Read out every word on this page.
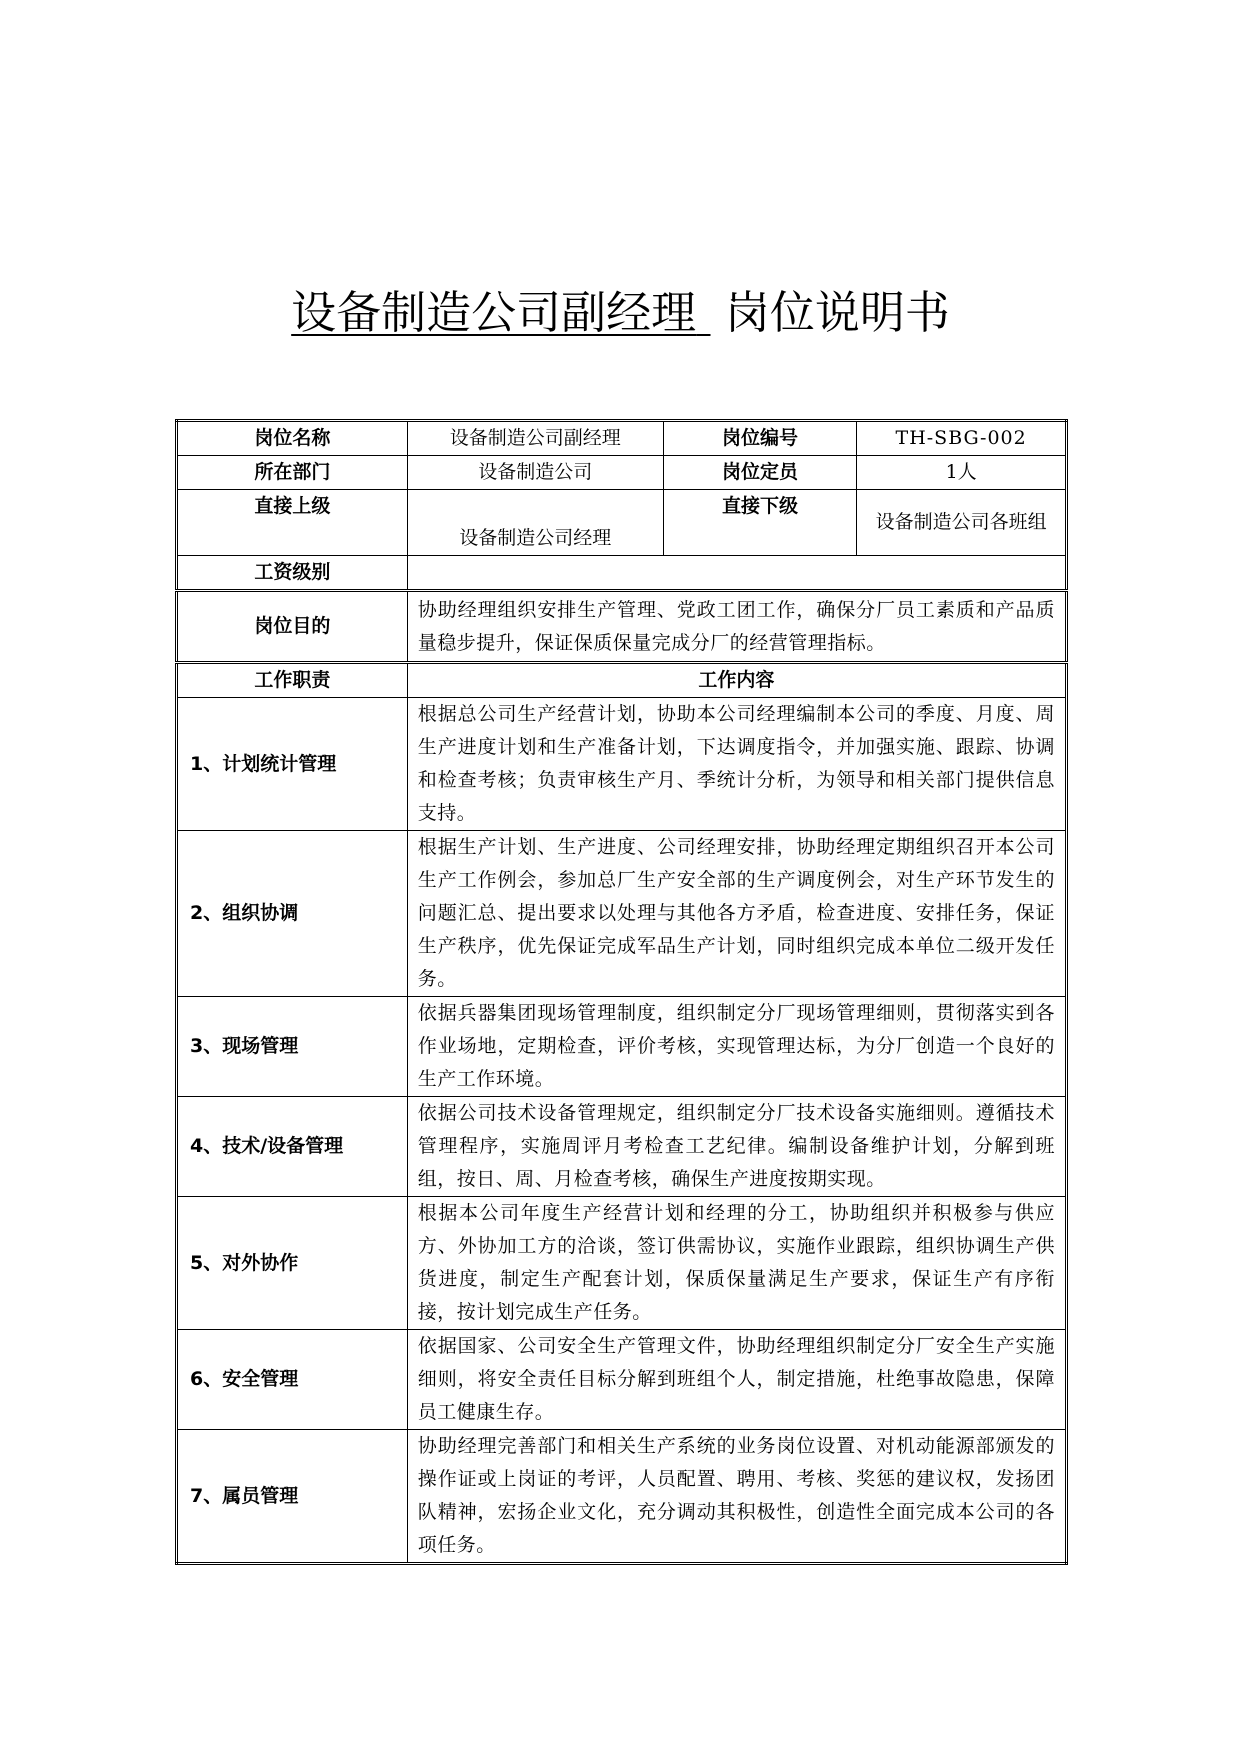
设备制造公司副经理 岗位说明书
岗位名称	设备制造公司副经理	岗位编号	TH-SBG-002
所在部门	设备制造公司	岗位定员	1人
直接上级	设备制造公司经理	直接下级	设备制造公司各班组
工资级别			
岗位目的	协助经理组织安排生产管理、党政工团工作，确保分厂员工素质和产品质量稳步提升，保证保质保量完成分厂的经营管理指标。		
工作职责	工作内容		
1、计划统计管理	根据总公司生产经营计划，协助本公司经理编制本公司的季度、月度、周生产进度计划和生产准备计划，下达调度指令，并加强实施、跟踪、协调和检查考核；负责审核生产月、季统计分析，为领导和相关部门提供信息支持。		
2、组织协调	根据生产计划、生产进度、公司经理安排，协助经理定期组织召开本公司生产工作例会，参加总厂生产安全部的生产调度例会，对生产环节发生的问题汇总、提出要求以处理与其他各方矛盾，检查进度、安排任务，保证生产秩序，优先保证完成军品生产计划，同时组织完成本单位二级开发任务。		
3、现场管理	依据兵器集团现场管理制度，组织制定分厂现场管理细则，贯彻落实到各作业场地，定期检查，评价考核，实现管理达标，为分厂创造一个良好的生产工作环境。		
4、技术/设备管理	依据公司技术设备管理规定，组织制定分厂技术设备实施细则。遵循技术管理程序，实施周评月考检查工艺纪律。编制设备维护计划，分解到班组，按日、周、月检查考核，确保生产进度按期实现。		
5、对外协作	根据本公司年度生产经营计划和经理的分工，协助组织并积极参与供应方、外协加工方的洽谈，签订供需协议，实施作业跟踪，组织协调生产供货进度，制定生产配套计划，保质保量满足生产要求，保证生产有序衔接，按计划完成生产任务。		
6、安全管理	依据国家、公司安全生产管理文件，协助经理组织制定分厂安全生产实施细则，将安全责任目标分解到班组个人，制定措施，杜绝事故隐患，保障员工健康生存。		
7、属员管理	协助经理完善部门和相关生产系统的业务岗位设置、对机动能源部颁发的操作证或上岗证的考评，人员配置、聘用、考核、奖惩的建议权，发扬团队精神，宏扬企业文化，充分调动其积极性，创造性全面完成本公司的各项任务。		
